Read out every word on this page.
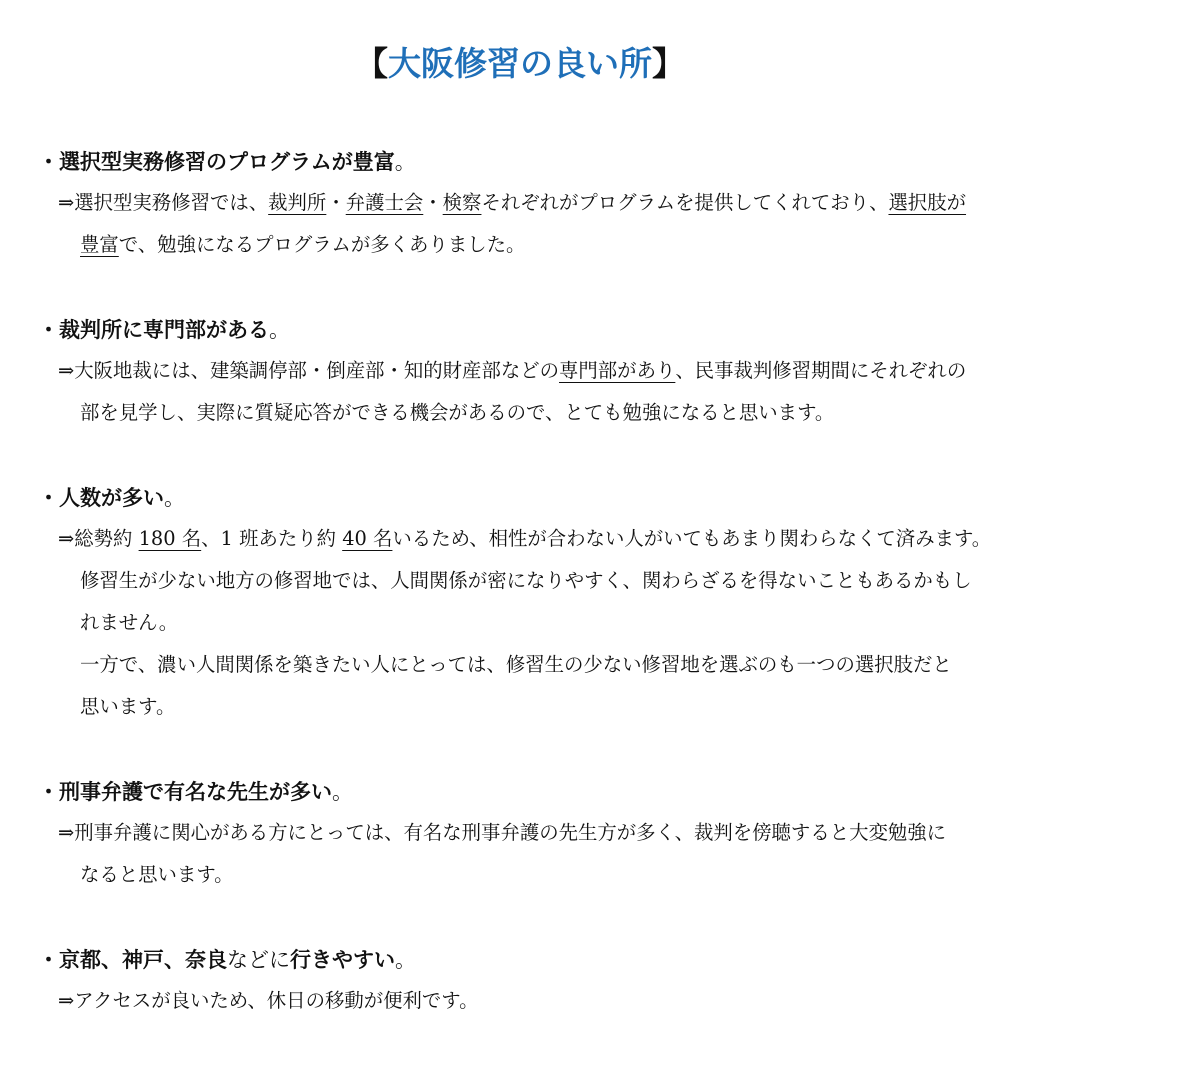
【大阪修習の良い所】
・選択型実務修習のプログラムが豊富。
⇒選択型実務修習では、裁判所・弁護士会・検察それぞれがプログラムを提供してくれており、選択肢が
豊富で、勉強になるプログラムが多くありました。
・裁判所に専門部がある。
⇒大阪地裁には、建築調停部・倒産部・知的財産部などの専門部があり、民事裁判修習期間にそれぞれの
部を見学し、実際に質疑応答ができる機会があるので、とても勉強になると思います。
・人数が多い。
⇒総勢約 180 名、1 班あたり約 40 名いるため、相性が合わない人がいてもあまり関わらなくて済みます。
修習生が少ない地方の修習地では、人間関係が密になりやすく、関わらざるを得ないこともあるかもし
れません。
一方で、濃い人間関係を築きたい人にとっては、修習生の少ない修習地を選ぶのも一つの選択肢だと
思います。
・刑事弁護で有名な先生が多い。
⇒刑事弁護に関心がある方にとっては、有名な刑事弁護の先生方が多く、裁判を傍聴すると大変勉強に
なると思います。
・京都、神戸、奈良などに行きやすい。
⇒アクセスが良いため、休日の移動が便利です。
